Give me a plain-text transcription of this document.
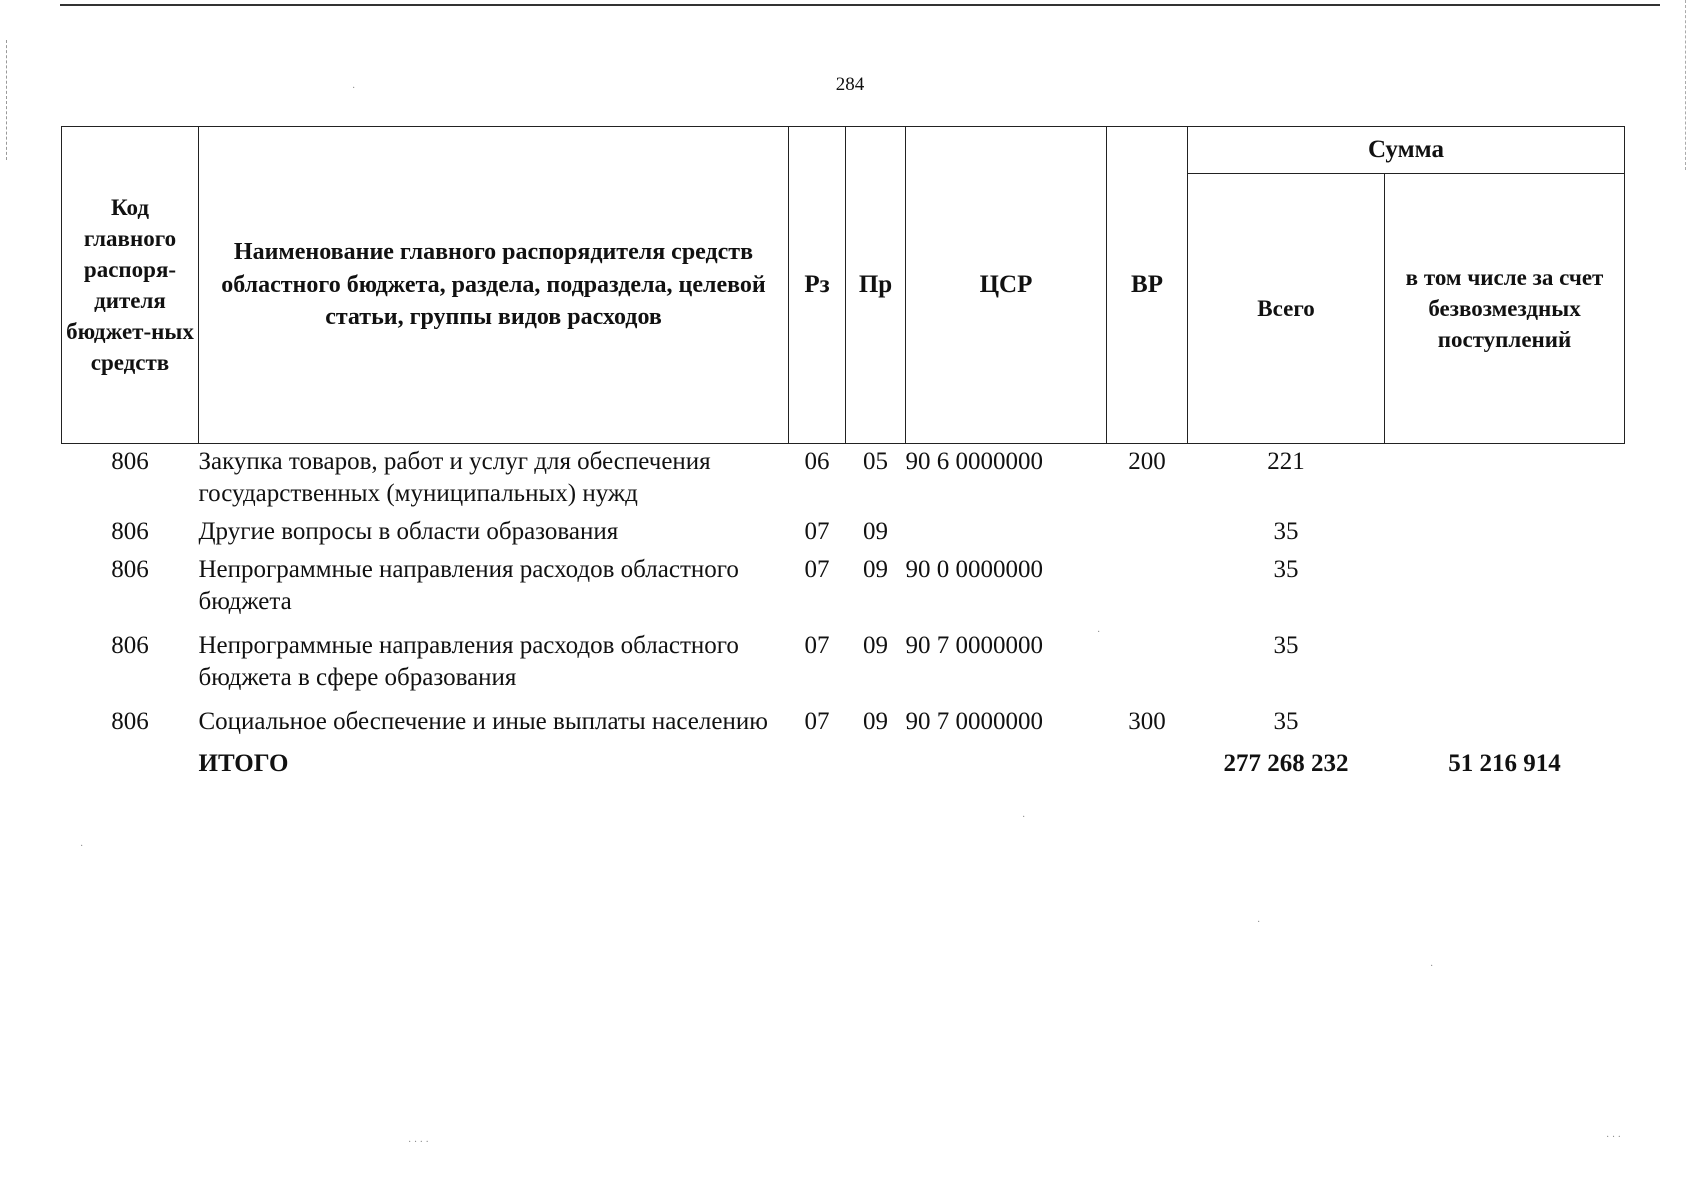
284
Код главного распоря-дителя бюджет-ных средств	Наименование главного распорядителя средств областного бюджета, раздела, подраздела, целевой статьи, группы видов расходов	Рз	Пр	ЦСР	ВР	Сумма	
						Всего	в том числе за счет безвозмездных поступлений
806	Закупка товаров, работ и услуг для обеспечения государственных (муниципальных) нужд	06	05	90 6 0000000	200	221	
806	Другие вопросы в области образования	07	09			35	
806	Непрограммные направления расходов областного бюджета	07	09	90 0 0000000		35	
806	Непрограммные направления расходов областного бюджета в сфере образования	07	09	90 7 0000000		35	
806	Социальное обеспечение и иные выплаты населению	07	09	90 7 0000000	300	35	
	ИТОГО					277 268 232	51 216 914
·
·
·
·
· · · ·	· · ·
·
·
